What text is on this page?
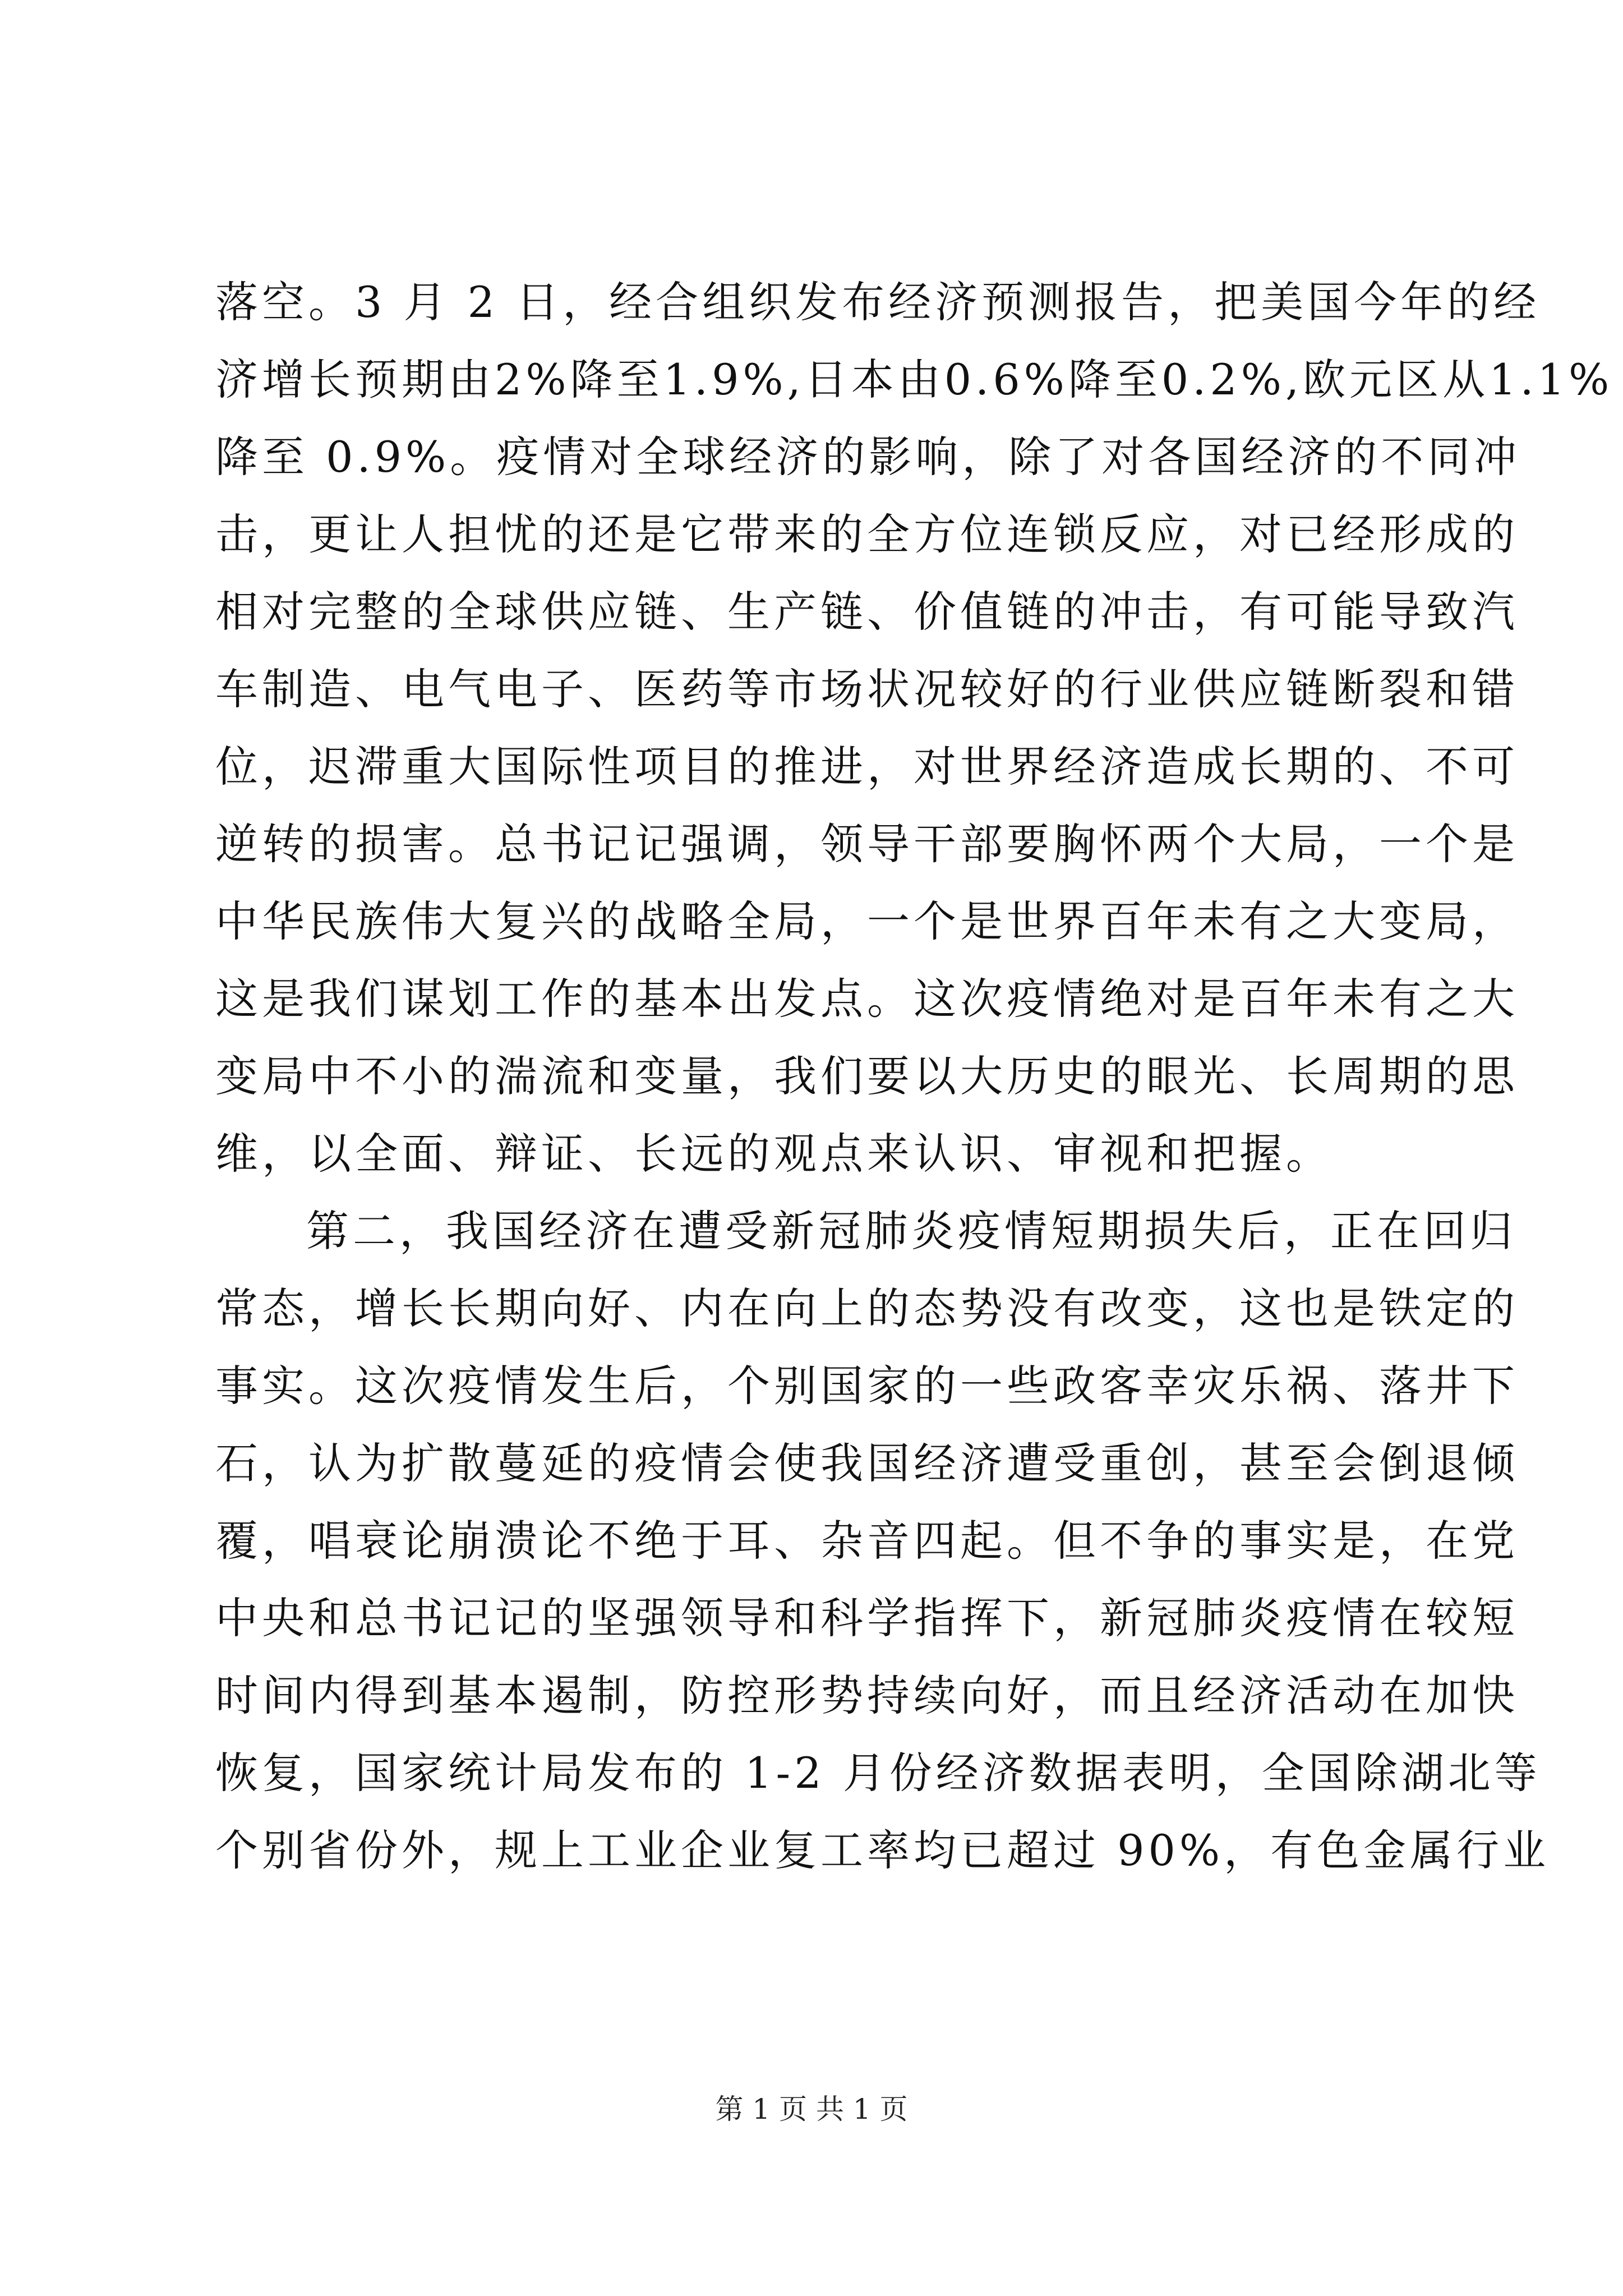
落空。3 月 2 日，经合组织发布经济预测报告，把美国今年的经
济增长预期由2%降至1.9%,日本由0.6%降至0.2%,欧元区从1.1%
降至 0.9%。疫情对全球经济的影响，除了对各国经济的不同冲
击，更让人担忧的还是它带来的全方位连锁反应，对已经形成的
相对完整的全球供应链、生产链、价值链的冲击，有可能导致汽
车制造、电气电子、医药等市场状况较好的行业供应链断裂和错
位，迟滞重大国际性项目的推进，对世界经济造成长期的、不可
逆转的损害。总书记记强调，领导干部要胸怀两个大局，一个是
中华民族伟大复兴的战略全局，一个是世界百年未有之大变局，
这是我们谋划工作的基本出发点。这次疫情绝对是百年未有之大
变局中不小的湍流和变量，我们要以大历史的眼光、长周期的思
维，以全面、辩证、长远的观点来认识、审视和把握。
第二，我国经济在遭受新冠肺炎疫情短期损失后，正在回归
常态，增长长期向好、内在向上的态势没有改变，这也是铁定的
事实。这次疫情发生后，个别国家的一些政客幸灾乐祸、落井下
石，认为扩散蔓延的疫情会使我国经济遭受重创，甚至会倒退倾
覆，唱衰论崩溃论不绝于耳、杂音四起。但不争的事实是，在党
中央和总书记记的坚强领导和科学指挥下，新冠肺炎疫情在较短
时间内得到基本遏制，防控形势持续向好，而且经济活动在加快
恢复，国家统计局发布的 1-2 月份经济数据表明，全国除湖北等
个别省份外，规上工业企业复工率均已超过 90%，有色金属行业
第 1 页 共 1 页
